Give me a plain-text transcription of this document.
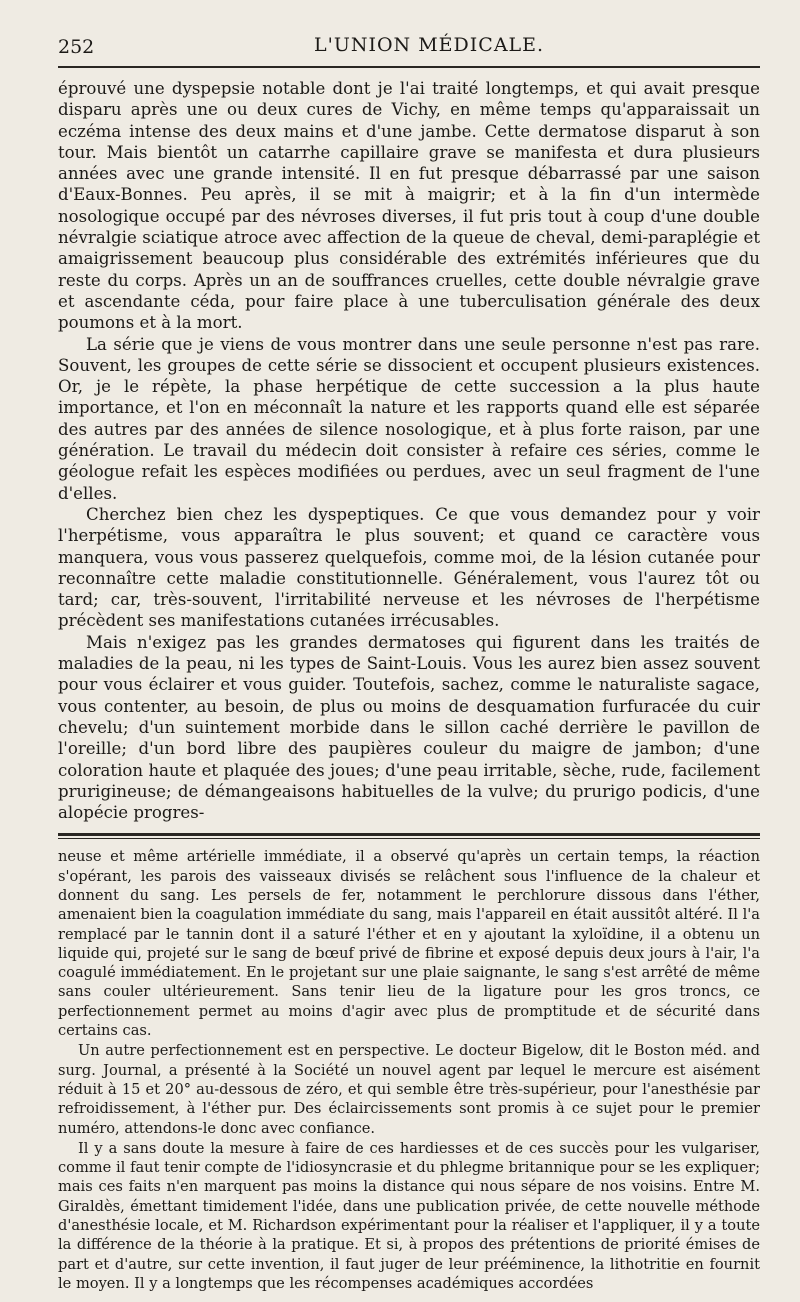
252	L'UNION MÉDICALE.

éprouvé une dyspepsie notable dont je l'ai traité longtemps, et qui avait presque disparu après une ou deux cures de Vichy, en même temps qu'apparaissait un eczéma intense des deux mains et d'une jambe. Cette dermatose disparut à son tour. Mais bientôt un catarrhe capillaire grave se manifesta et dura plusieurs années avec une grande intensité. Il en fut presque débarrassé par une saison d'Eaux-Bonnes. Peu après, il se mit à maigrir; et à la fin d'un intermède nosologique occupé par des névroses diverses, il fut pris tout à coup d'une double névralgie sciatique atroce avec affection de la queue de cheval, demi-paraplégie et amaigrissement beaucoup plus considérable des extrémités inférieures que du reste du corps. Après un an de souffrances cruelles, cette double névralgie grave et ascendante céda, pour faire place à une tuberculisation générale des deux poumons et à la mort.

La série que je viens de vous montrer dans une seule personne n'est pas rare. Souvent, les groupes de cette série se dissocient et occupent plusieurs existences. Or, je le répète, la phase herpétique de cette succession a la plus haute importance, et l'on en méconnaît la nature et les rapports quand elle est séparée des autres par des années de silence nosologique, et à plus forte raison, par une génération. Le travail du médecin doit consister à refaire ces séries, comme le géologue refait les espèces modifiées ou perdues, avec un seul fragment de l'une d'elles.

Cherchez bien chez les dyspeptiques. Ce que vous demandez pour y voir l'herpétisme, vous apparaîtra le plus souvent; et quand ce caractère vous manquera, vous vous passerez quelquefois, comme moi, de la lésion cutanée pour reconnaître cette maladie constitutionnelle. Généralement, vous l'aurez tôt ou tard; car, très-souvent, l'irritabilité nerveuse et les névroses de l'herpétisme précèdent ses manifestations cutanées irrécusables.

Mais n'exigez pas les grandes dermatoses qui figurent dans les traités de maladies de la peau, ni les types de Saint-Louis. Vous les aurez bien assez souvent pour vous éclairer et vous guider. Toutefois, sachez, comme le naturaliste sagace, vous contenter, au besoin, de plus ou moins de desquamation furfuracée du cuir chevelu; d'un suintement morbide dans le sillon caché derrière le pavillon de l'oreille; d'un bord libre des paupières couleur du maigre de jambon; d'une coloration haute et plaquée des joues; d'une peau irritable, sèche, rude, facilement prurigineuse; de démangeaisons habituelles de la vulve; du prurigo podicis, d'une alopécie progres-

neuse et même artérielle immédiate, il a observé qu'après un certain temps, la réaction s'opérant, les parois des vaisseaux divisés se relâchent sous l'influence de la chaleur et donnent du sang. Les persels de fer, notamment le perchlorure dissous dans l'éther, amenaient bien la coagulation immédiate du sang, mais l'appareil en était aussitôt altéré. Il l'a remplacé par le tannin dont il a saturé l'éther et en y ajoutant la xyloïdine, il a obtenu un liquide qui, projeté sur le sang de bœuf privé de fibrine et exposé depuis deux jours à l'air, l'a coagulé immédiatement. En le projetant sur une plaie saignante, le sang s'est arrêté de même sans couler ultérieurement. Sans tenir lieu de la ligature pour les gros troncs, ce perfectionnement permet au moins d'agir avec plus de promptitude et de sécurité dans certains cas.

Un autre perfectionnement est en perspective. Le docteur Bigelow, dit le Boston méd. and surg. Journal, a présenté à la Société un nouvel agent par lequel le mercure est aisément réduit à 15 et 20° au-dessous de zéro, et qui semble être très-supérieur, pour l'anesthésie par refroidissement, à l'éther pur. Des éclaircissements sont promis à ce sujet pour le premier numéro, attendons-le donc avec confiance.

Il y a sans doute la mesure à faire de ces hardiesses et de ces succès pour les vulgariser, comme il faut tenir compte de l'idiosyncrasie et du phlegme britannique pour se les expliquer; mais ces faits n'en marquent pas moins la distance qui nous sépare de nos voisins. Entre M. Giraldès, émettant timidement l'idée, dans une publication privée, de cette nouvelle méthode d'anesthésie locale, et M. Richardson expérimentant pour la réaliser et l'appliquer, il y a toute la différence de la théorie à la pratique. Et si, à propos des prétentions de priorité émises de part et d'autre, sur cette invention, il faut juger de leur prééminence, la lithotritie en fournit le moyen. Il y a longtemps que les récompenses académiques accordées
